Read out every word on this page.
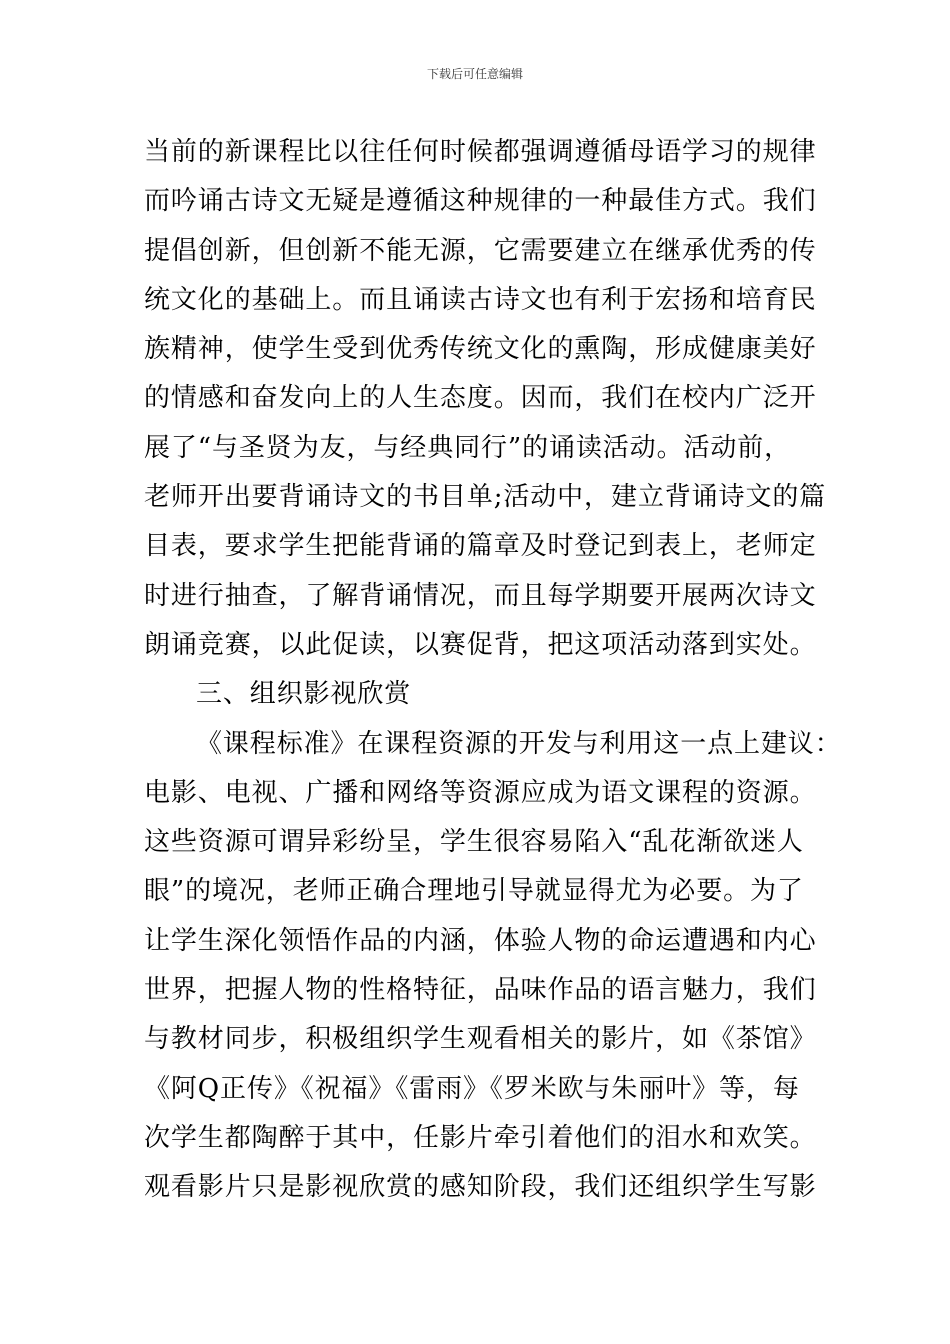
下载后可任意编辑
当前的新课程比以往任何时候都强调遵循母语学习的规律
而吟诵古诗文无疑是遵循这种规律的一种最佳方式。我们
提倡创新，但创新不能无源，它需要建立在继承优秀的传
统文化的基础上。而且诵读古诗文也有利于宏扬和培育民
族精神，使学生受到优秀传统文化的熏陶，形成健康美好
的情感和奋发向上的人生态度。因而，我们在校内广泛开
展了“与圣贤为友，与经典同行”的诵读活动。活动前，
老师开出要背诵诗文的书目单;活动中，建立背诵诗文的篇
目表，要求学生把能背诵的篇章及时登记到表上，老师定
时进行抽查，了解背诵情况，而且每学期要开展两次诗文
朗诵竞赛，以此促读，以赛促背，把这项活动落到实处。
三、组织影视欣赏
《课程标准》在课程资源的开发与利用这一点上建议：
电影、电视、广播和网络等资源应成为语文课程的资源。
这些资源可谓异彩纷呈，学生很容易陷入“乱花渐欲迷人
眼”的境况，老师正确合理地引导就显得尤为必要。为了
让学生深化领悟作品的内涵，体验人物的命运遭遇和内心
世界，把握人物的性格特征，品味作品的语言魅力，我们
与教材同步，积极组织学生观看相关的影片，如《茶馆》
《阿Q正传》《祝福》《雷雨》《罗米欧与朱丽叶》等，每
次学生都陶醉于其中，任影片牵引着他们的泪水和欢笑。
观看影片只是影视欣赏的感知阶段，我们还组织学生写影
